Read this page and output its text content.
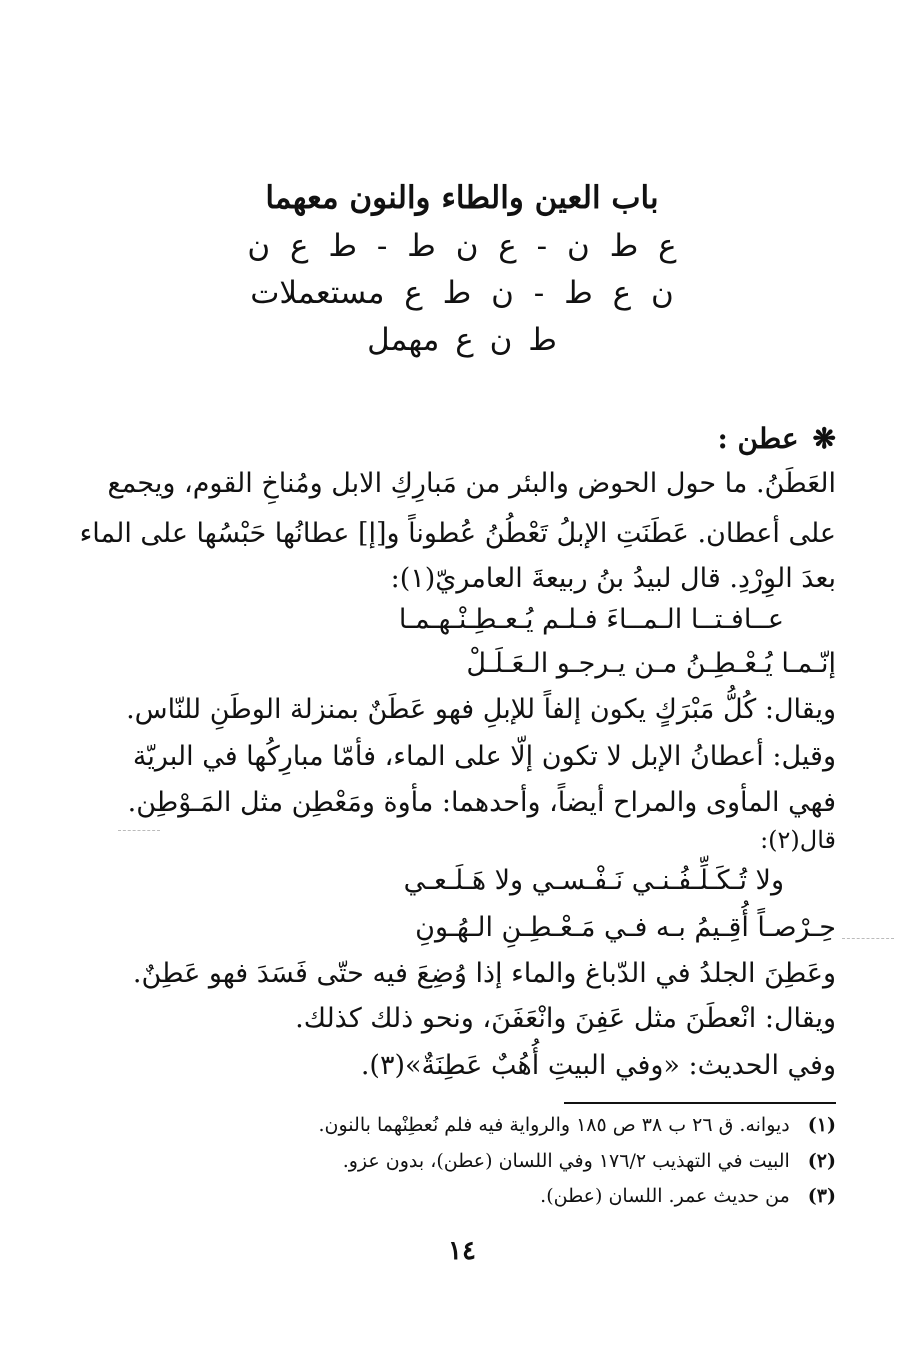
باب العين والطاء والنون معهما
ع ط ن - ع ن ط - ط ع ن
ن ع ط - ن ط ع مستعملات
ط ن ع مهمل
❋عطن :
العَطَنُ. ما حول الحوض والبئر من مَبارِكِ الابل ومُناخِ القوم، ويجمع
على أعطان. عَطَنَتِ الإبلُ تَعْطُنُ عُطوناً و[إ] عطانُها حَبْسُها على الماء
بعدَ الوِرْدِ. قال لبيدُ بنُ ربيعةَ العامريّ(١):
عــافـتــا الـمــاءَ فـلـم يُـعـطِـنْـهـمـا
إنّـمـا يُـعْـطِـنُ مـن يـرجـو الـعَـلَـلْ
ويقال: كُلُّ مَبْرَكٍ يكون إلفاً للإبلِ فهو عَطَنٌ بمنزلة الوطَنِ للنّاس.
وقيل: أعطانُ الإبل لا تكون إلّا على الماء، فأمّا مبارِكُها في البريّة
فهي المأوى والمراح أيضاً، وأحدهما: مأوة ومَعْطِن مثل المَـوْطِن.
قال(٢):
ولا تُـكَـلِّـفُـنـي نَـفْـسـي ولا هَـلَـعـي
حِـرْصـاً أُقِـيمُ بـه فـي مَـعْـطِـنِ الـهُـونِ
وعَطِنَ الجلدُ في الدّباغ والماء إذا وُضِعَ فيه حتّى فَسَدَ فهو عَطِنٌ.
ويقال: انْعطَنَ مثل عَفِنَ وانْعَفَنَ، ونحو ذلك كذلك.
وفي الحديث: «وفي البيتِ أُهُبٌ عَطِنَةٌ»(٣).
(١)ديوانه. ق ٢٦ ب ٣٨ ص ١٨٥ والرواية فيه فلم نُعطِنْهما بالنون.
(٢)البيت في التهذيب ١٧٦/٢ وفي اللسان (عطن)، بدون عزو.
(٣)من حديث عمر. اللسان (عطن).
١٤
